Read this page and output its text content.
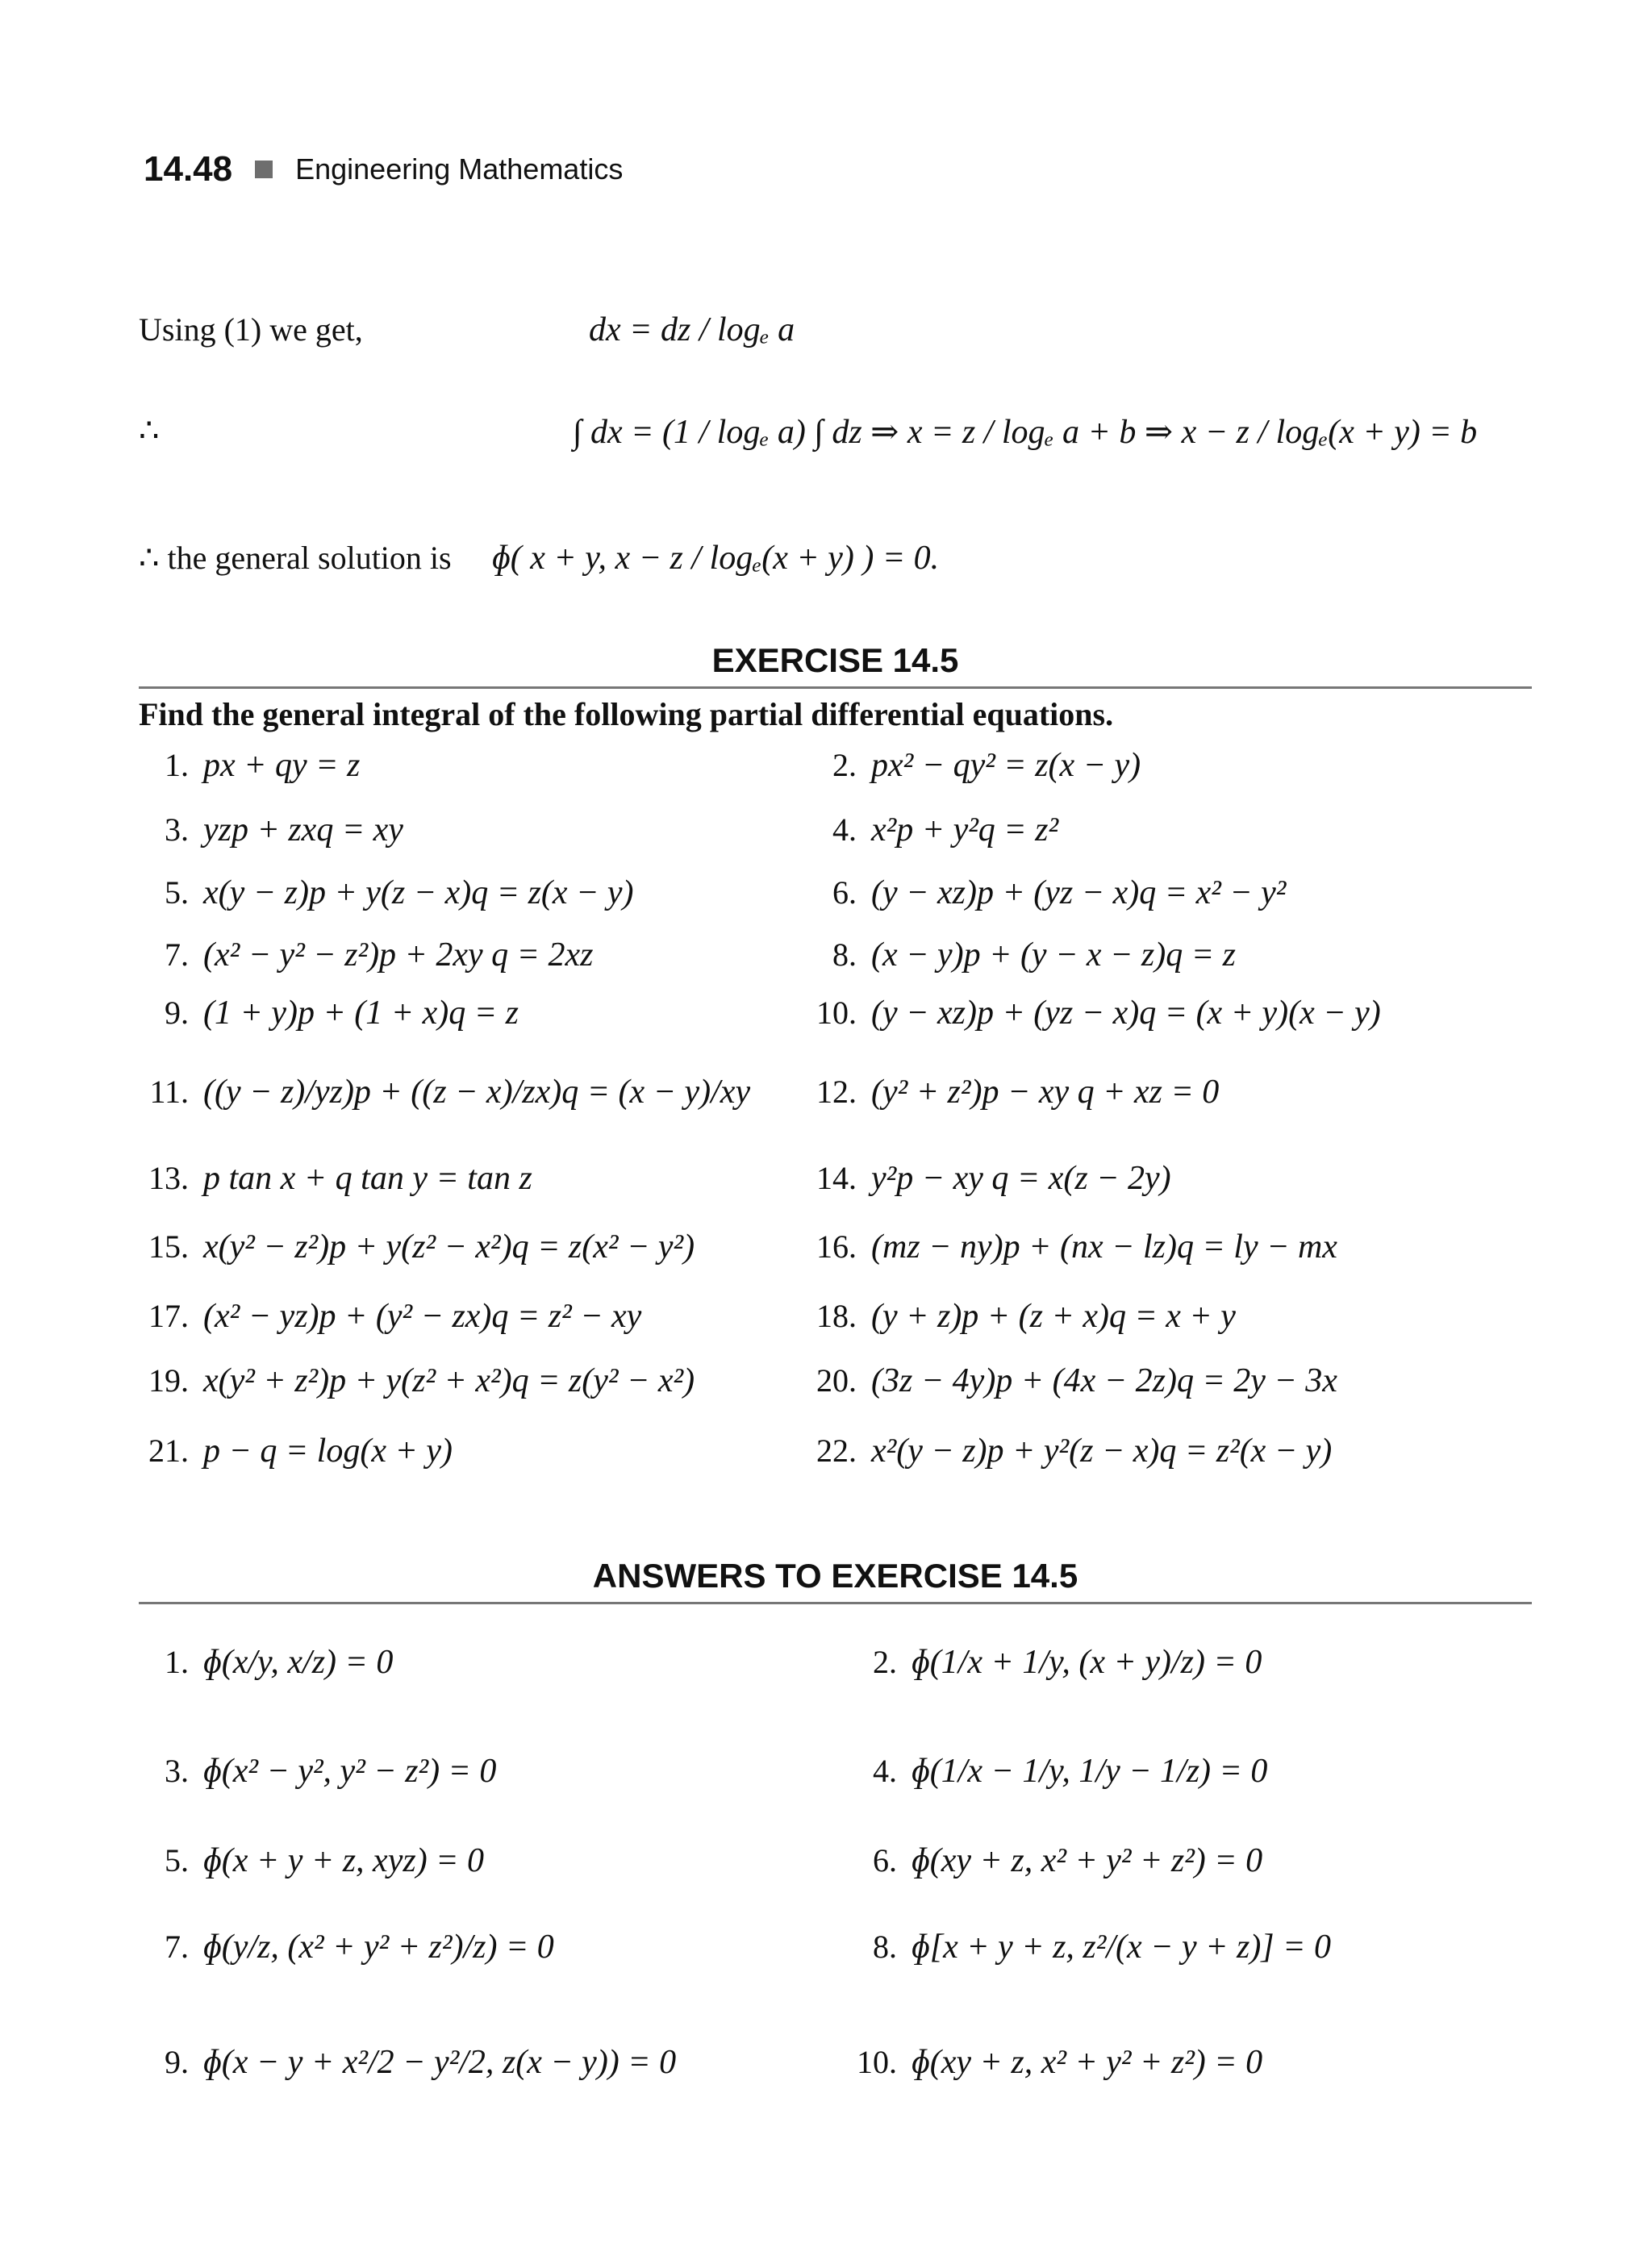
14.48 Engineering Mathematics
Using (1) we get,	dx = dz / logₑ a
∴	∫ dx = (1 / logₑ a) ∫ dz ⇒ x = z / logₑ a + b ⇒ x − z / logₑ(x + y) = b
∴ the general solution is ɸ( x + y, x − z / logₑ(x + y) ) = 0.
EXERCISE 14.5
Find the general integral of the following partial differential equations.
1. px + qy = z	2. px² − qy² = z(x − y)
3. yzp + zxq = xy	4. x²p + y²q = z²
5. x(y − z)p + y(z − x)q = z(x − y)	6. (y − xz)p + (yz − x)q = x² − y²
7. (x² − y² − z²)p + 2xy q = 2xz	8. (x − y)p + (y − x − z)q = z
9. (1 + y)p + (1 + x)q = z	10. (y − xz)p + (yz − x)q = (x + y)(x − y)
11. ((y − z)/yz)p + ((z − x)/zx)q = (x − y)/xy	12. (y² + z²)p − xy q + xz = 0
13. p tan x + q tan y = tan z	14. y²p − xy q = x(z − 2y)
15. x(y² − z²)p + y(z² − x²)q = z(x² − y²)	16. (mz − ny)p + (nx − lz)q = ly − mx
17. (x² − yz)p + (y² − zx)q = z² − xy	18. (y + z)p + (z + x)q = x + y
19. x(y² + z²)p + y(z² + x²)q = z(y² − x²)	20. (3z − 4y)p + (4x − 2z)q = 2y − 3x
21. p − q = log(x + y)	22. x²(y − z)p + y²(z − x)q = z²(x − y)
ANSWERS TO EXERCISE 14.5
1. ɸ(x/y, x/z) = 0	2. ɸ(1/x + 1/y, (x + y)/z) = 0
3. ɸ(x² − y², y² − z²) = 0	4. ɸ(1/x − 1/y, 1/y − 1/z) = 0
5. ɸ(x + y + z, xyz) = 0	6. ɸ(xy + z, x² + y² + z²) = 0
7. ɸ(y/z, (x² + y² + z²)/z) = 0	8. ɸ[x + y + z, z²/(x − y + z)] = 0
9. ɸ(x − y + x²/2 − y²/2, z(x − y)) = 0	10. ɸ(xy + z, x² + y² + z²) = 0
